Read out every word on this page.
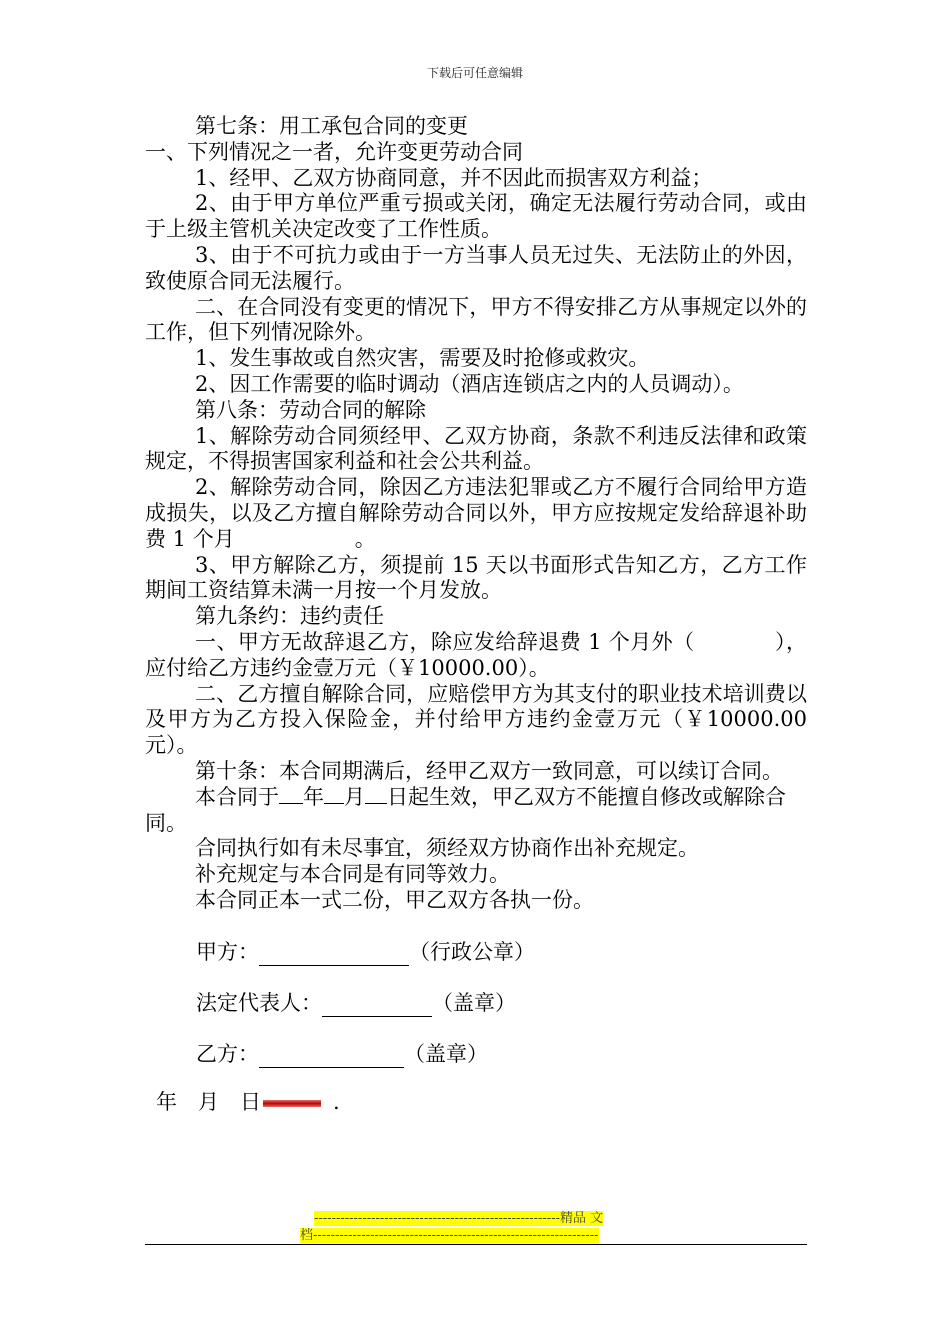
下载后可任意编辑

第七条：用工承包合同的变更

一、下列情况之一者，允许变更劳动合同

1、经甲、乙双方协商同意，并不因此而损害双方利益；

2、由于甲方单位严重亏损或关闭，确定无法履行劳动合同，或由于上级主管机关决定改变了工作性质。

3、由于不可抗力或由于一方当事人员无过失、无法防止的外因，致使原合同无法履行。

二、在合同没有变更的情况下，甲方不得安排乙方从事规定以外的工作，但下列情况除外。

1、发生事故或自然灾害，需要及时抢修或救灾。

2、因工作需要的临时调动（酒店连锁店之内的人员调动）。

第八条：劳动合同的解除

1、解除劳动合同须经甲、乙双方协商，条款不利违反法律和政策规定，不得损害国家利益和社会公共利益。

2、解除劳动合同，除因乙方违法犯罪或乙方不履行合同给甲方造成损失，以及乙方擅自解除劳动合同以外，甲方应按规定发给辞退补助费 1 个月	。

3、甲方解除乙方，须提前 15 天以书面形式告知乙方，乙方工作期间工资结算未满一月按一个月发放。

第九条约：违约责任

一、甲方无故辞退乙方，除应发给辞退费 1 个月外（	），应付给乙方违约金壹万元（￥10000.00）。

二、乙方擅自解除合同，应赔偿甲方为其支付的职业技术培训费以及甲方为乙方投入保险金，并付给甲方违约金壹万元（￥10000.00 元）。

第十条：本合同期满后，经甲乙双方一致同意，可以续订合同。

本合同于 年 月 日起生效，甲乙双方不能擅自修改或解除合同。

合同执行如有未尽事宜，须经双方协商作出补充规定。

补充规定与本合同是有同等效力。

本合同正本一式二份，甲乙双方各执一份。

甲方：	（行政公章）
法定代表人：	（盖章）
乙方：	（盖章）
年　月　日	.
--------------------------------------------------------精品 文
档-----------------------------------------------------------------
